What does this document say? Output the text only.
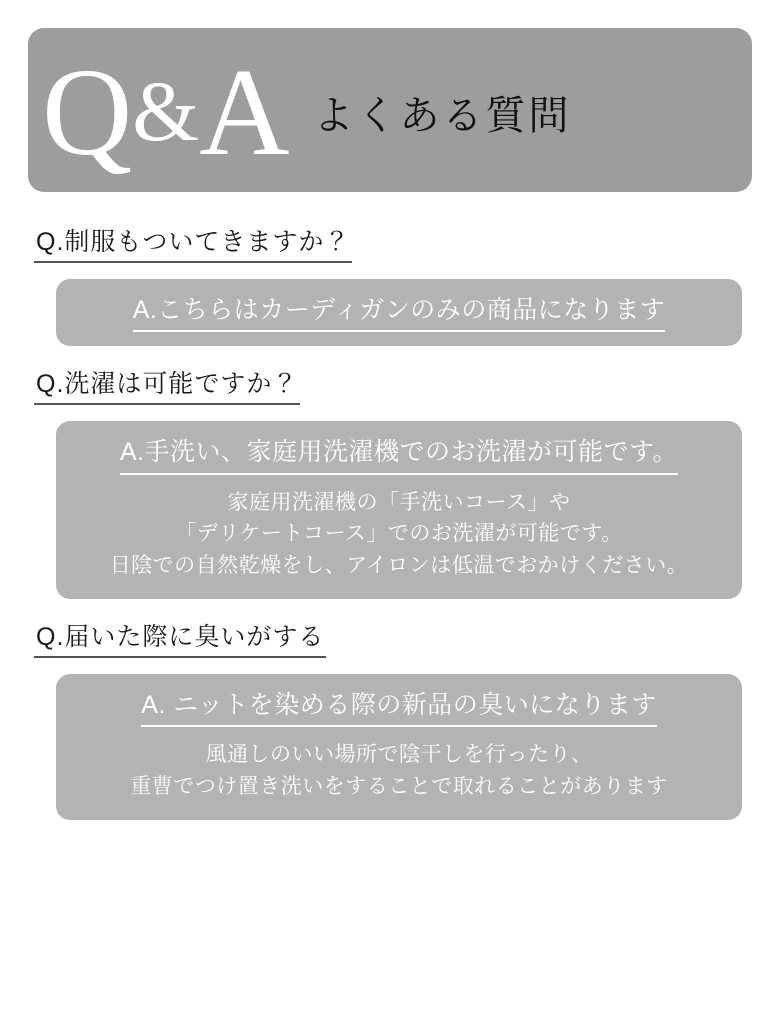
Q&A よくある質問
Q.制服もついてきますか？
A.こちらはカーディガンのみの商品になります
Q.洗濯は可能ですか？
A.手洗い、家庭用洗濯機でのお洗濯が可能です。
家庭用洗濯機の「手洗いコース」や
「デリケートコース」でのお洗濯が可能です。
日陰での自然乾燥をし、アイロンは低温でおかけください。
Q.届いた際に臭いがする
A. ニットを染める際の新品の臭いになります
風通しのいい場所で陰干しを行ったり、
重曹でつけ置き洗いをすることで取れることがあります
